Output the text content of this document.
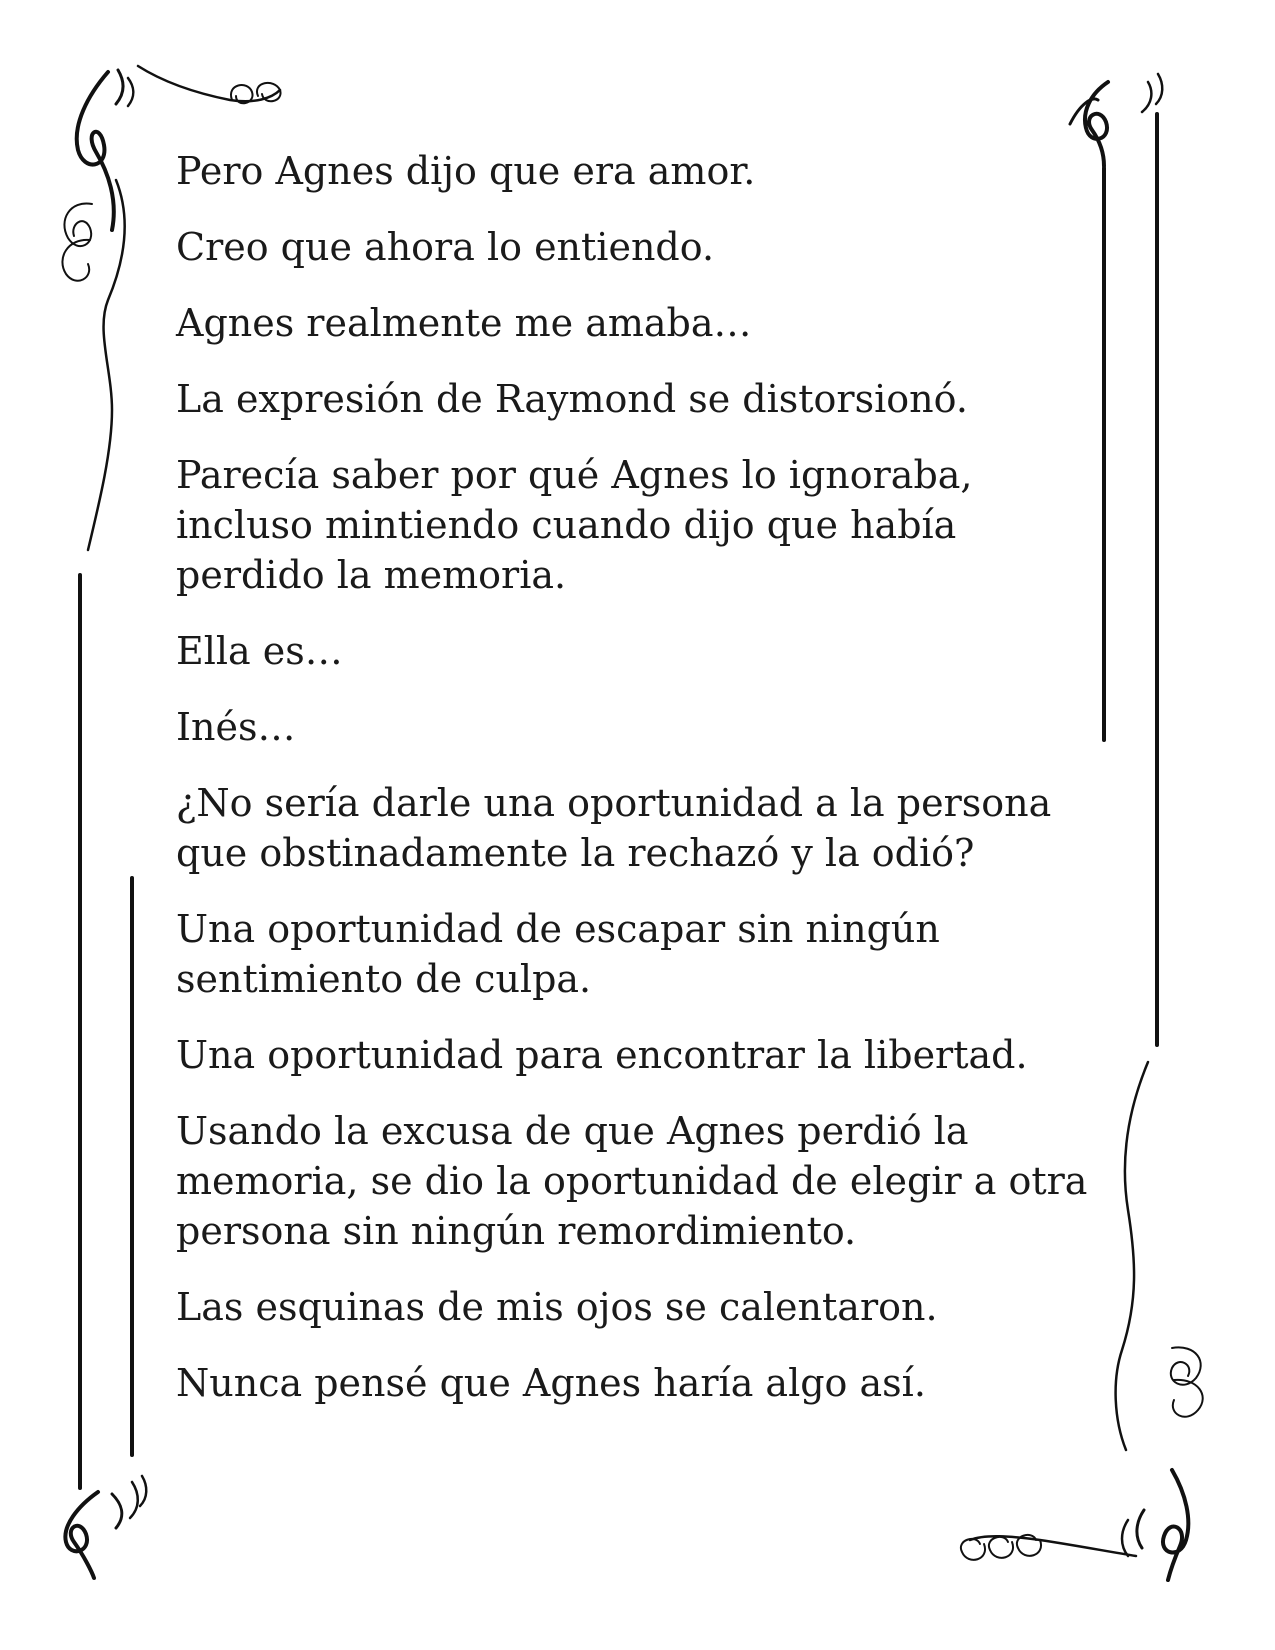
Pero Agnes dijo que era amor.

Creo que ahora lo entiendo.

Agnes realmente me amaba…

La expresión de Raymond se distorsionó.

Parecía saber por qué Agnes lo ignoraba,
incluso mintiendo cuando dijo que había
perdido la memoria.

Ella es…

Inés…

¿No sería darle una oportunidad a la persona
que obstinadamente la rechazó y la odió?

Una oportunidad de escapar sin ningún
sentimiento de culpa.

Una oportunidad para encontrar la libertad.

Usando la excusa de que Agnes perdió la
memoria, se dio la oportunidad de elegir a otra
persona sin ningún remordimiento.

Las esquinas de mis ojos se calentaron.

Nunca pensé que Agnes haría algo así.
